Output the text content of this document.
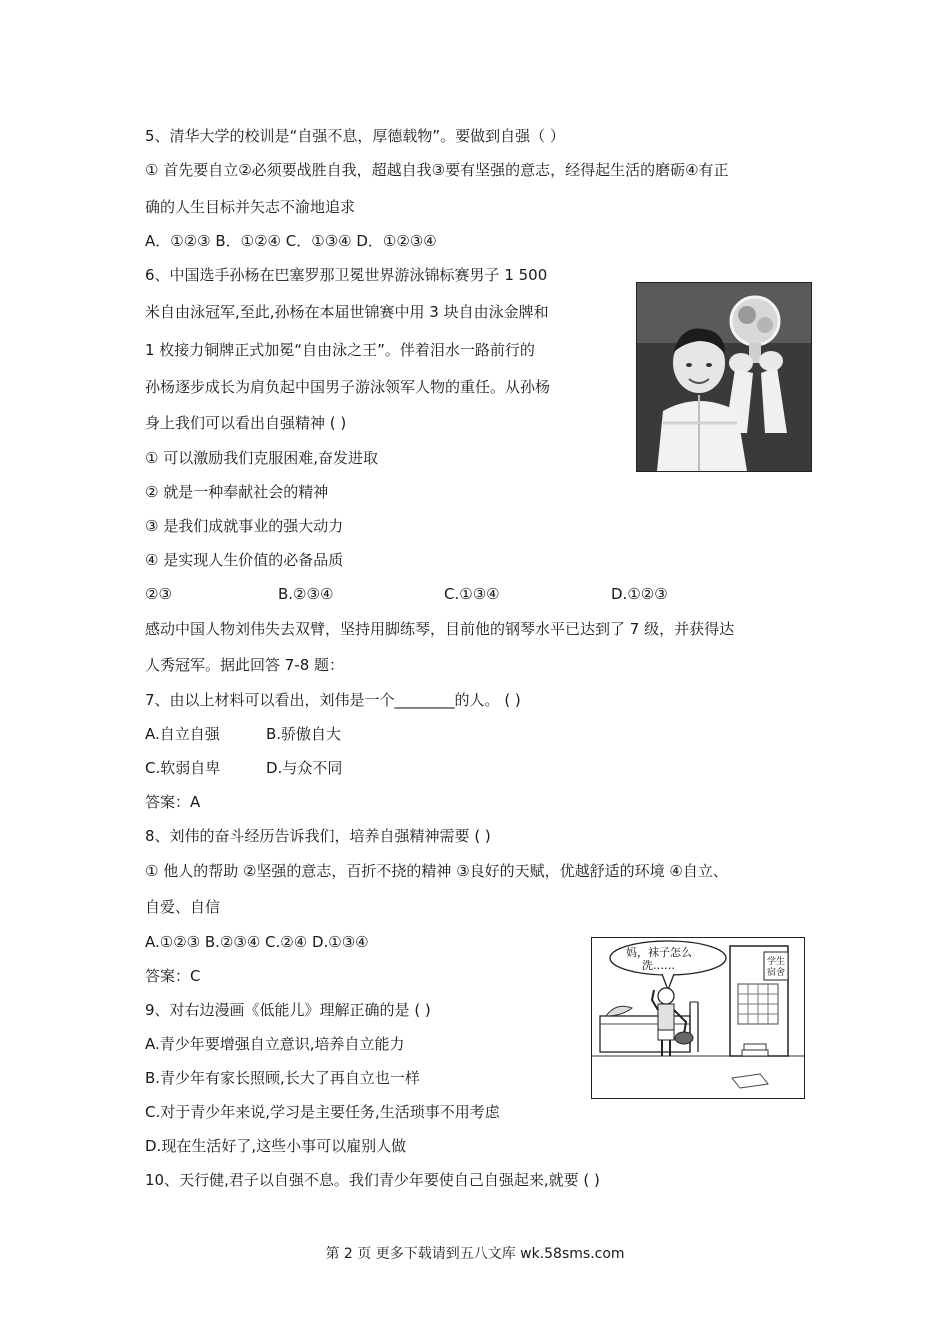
5、清华大学的校训是“自强不息，厚德载物”。要做到自强（ ）
① 首先要自立②必须要战胜自我，超越自我③要有坚强的意志，经得起生活的磨砺④有正
确的人生目标并矢志不渝地追求
A．①②③ B．①②④ C．①③④ D．①②③④
6、中国选手孙杨在巴塞罗那卫冕世界游泳锦标赛男子 1 500
米自由泳冠军,至此,孙杨在本届世锦赛中用 3 块自由泳金牌和
1 枚接力铜牌正式加冕“自由泳之王”。伴着泪水一路前行的
孙杨逐步成长为肩负起中国男子游泳领军人物的重任。从孙杨
身上我们可以看出自强精神 ( )
① 可以激励我们克服困难,奋发进取
② 就是一种奉献社会的精神
③ 是我们成就事业的强大动力
④ 是实现人生价值的必备品质
②③	B.②③④	C.①③④	D.①②③
感动中国人物刘伟失去双臂，坚持用脚练琴，目前他的钢琴水平已达到了 7 级，并获得达
人秀冠军。据此回答 7-8 题：
7、由以上材料可以看出，刘伟是一个________的人。 ( )
A.自立自强	B.骄傲自大
C.软弱自卑	D.与众不同
答案：A
8、刘伟的奋斗经历告诉我们，培养自强精神需要 ( )
① 他人的帮助 ②坚强的意志，百折不挠的精神 ③良好的天赋，优越舒适的环境 ④自立、
自爱、自信
A.①②③ B.②③④ C.②④ D.①③④
答案：C
学生
宿舍
妈，袜子怎么
洗……
9、对右边漫画《低能儿》理解正确的是 ( )
A.青少年要增强自立意识,培养自立能力
B.青少年有家长照顾,长大了再自立也一样
C.对于青少年来说,学习是主要任务,生活琐事不用考虑
D.现在生活好了,这些小事可以雇别人做
10、天行健,君子以自强不息。我们青少年要使自己自强起来,就要 ( )
第 2 页 更多下载请到五八文库 wk.58sms.com
